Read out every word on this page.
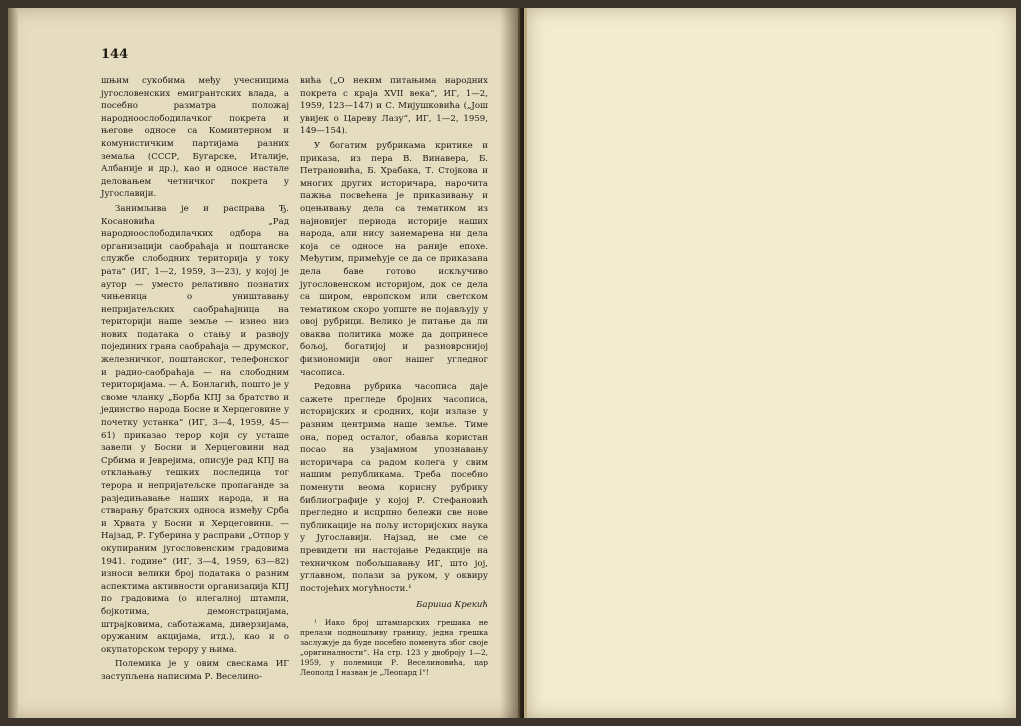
144

шњим сукобима међу учесницима југословенских емигрантских влада, а посебно разматра положај народноослободилачког покрета и његове односе са Коминтерном и комунистичким партијама разних земаља (СССР, Бугарске, Италије, Албаније и др.), као и односе настале деловањем четничког покрета у Југославији.

Занимљива је и расправа Ђ. Косановића „Рад народноослободилачких одбора на организацији саобраћаја и поштанске службе слободних територија у току рата“ (ИГ, 1—2, 1959, 3—23), у којој је аутор — уместо релативно познатих чињеница о уништавању непријатељских саобраћајница на територији наше земље — изнео низ нових података о стању и развоју појединих грана саобраћаја — друмског, железничког, поштанског, телефонског и радио-саобраћаја — на слободним територијама. — А. Бонлагић, пошто је у своме чланку „Борба КПЈ за братство и јединство народа Босне и Херцеговине у почетку устанка“ (ИГ, 3—4, 1959, 45—61) приказао терор који су усташе завели у Босни и Херцеговини над Србима и Јеврејима, описује рад КПЈ на отклањању тешких последица тог терора и непријатељске пропаганде за разједињавање наших народа, и на стварању братских односа између Срба и Хрвата у Босни и Херцеговини. — Најзад, Р. Губерина у расправи „Отпор у окупираним југословенским градовима 1941. године“ (ИГ, 3—4, 1959, 63—82) износи велики број података о разним аспектима активности организација КПЈ по градовима (о илегалној штампи, бојкотима, демонстрацијама, штрајковима, саботажама, диверзијама, оружаним акцијама, итд.), као и о окупаторском терору у њима.

Полемика је у овим свескама ИГ заступљена написима Р. Веселино-

вића („О неким питањима народних покрета с краја XVII века“, ИГ, 1—2, 1959, 123—147) и С. Мијушковића („Још увијек о Цареву Лазу“, ИГ, 1—2, 1959, 149—154).

У богатим рубрикама критике и приказа, из пера В. Винавера, Б. Петрановића, Б. Храбака, Т. Стојкова и многих других историчара, нарочита пажња посвећена је приказивању и оцењивању дела са тематиком из најновијег периода историје наших народа, али нису занемарена ни дела која се односе на раније епохе. Међутим, примећује се да се приказана дела баве готово искључиво југословенском историјом, док се дела са широм, европском или светском тематиком скоро уопште не појављују у овој рубрици. Велико је питање да ли оваква политика може да допринесе бољој, богатијој и разноврснијој физиономији овог нашег угледног часописа.

Редовна рубрика часописа даје сажете прегледе бројних часописа, историјских и сродних, који излазе у разним центрима наше земље. Тиме она, поред осталог, обавља користан посао на узајамном упознавању историчара са радом колега у свим нашим републикама. Треба посебно поменути веома корисну рубрику библиографије у којој Р. Стефановић прегледно и исцрпно бележи све нове публикације на пољу историјских наука у Југославији. Најзад, не сме се превидети ни настојање Редакције на техничком побољшавању ИГ, што јој, углавном, полази за руком, у оквиру постојећих могућности.¹

Баришa Крекић
¹ Иако број штампарских грешака не прелази подношљиву границу, једна грешка заслужује да буде посебно поменута због своје „оригиналности“. На стр. 123 у двоброју 1—2, 1959, у полемици Р. Веселиновића, цар Леополд I назван је „Леопард I“!
